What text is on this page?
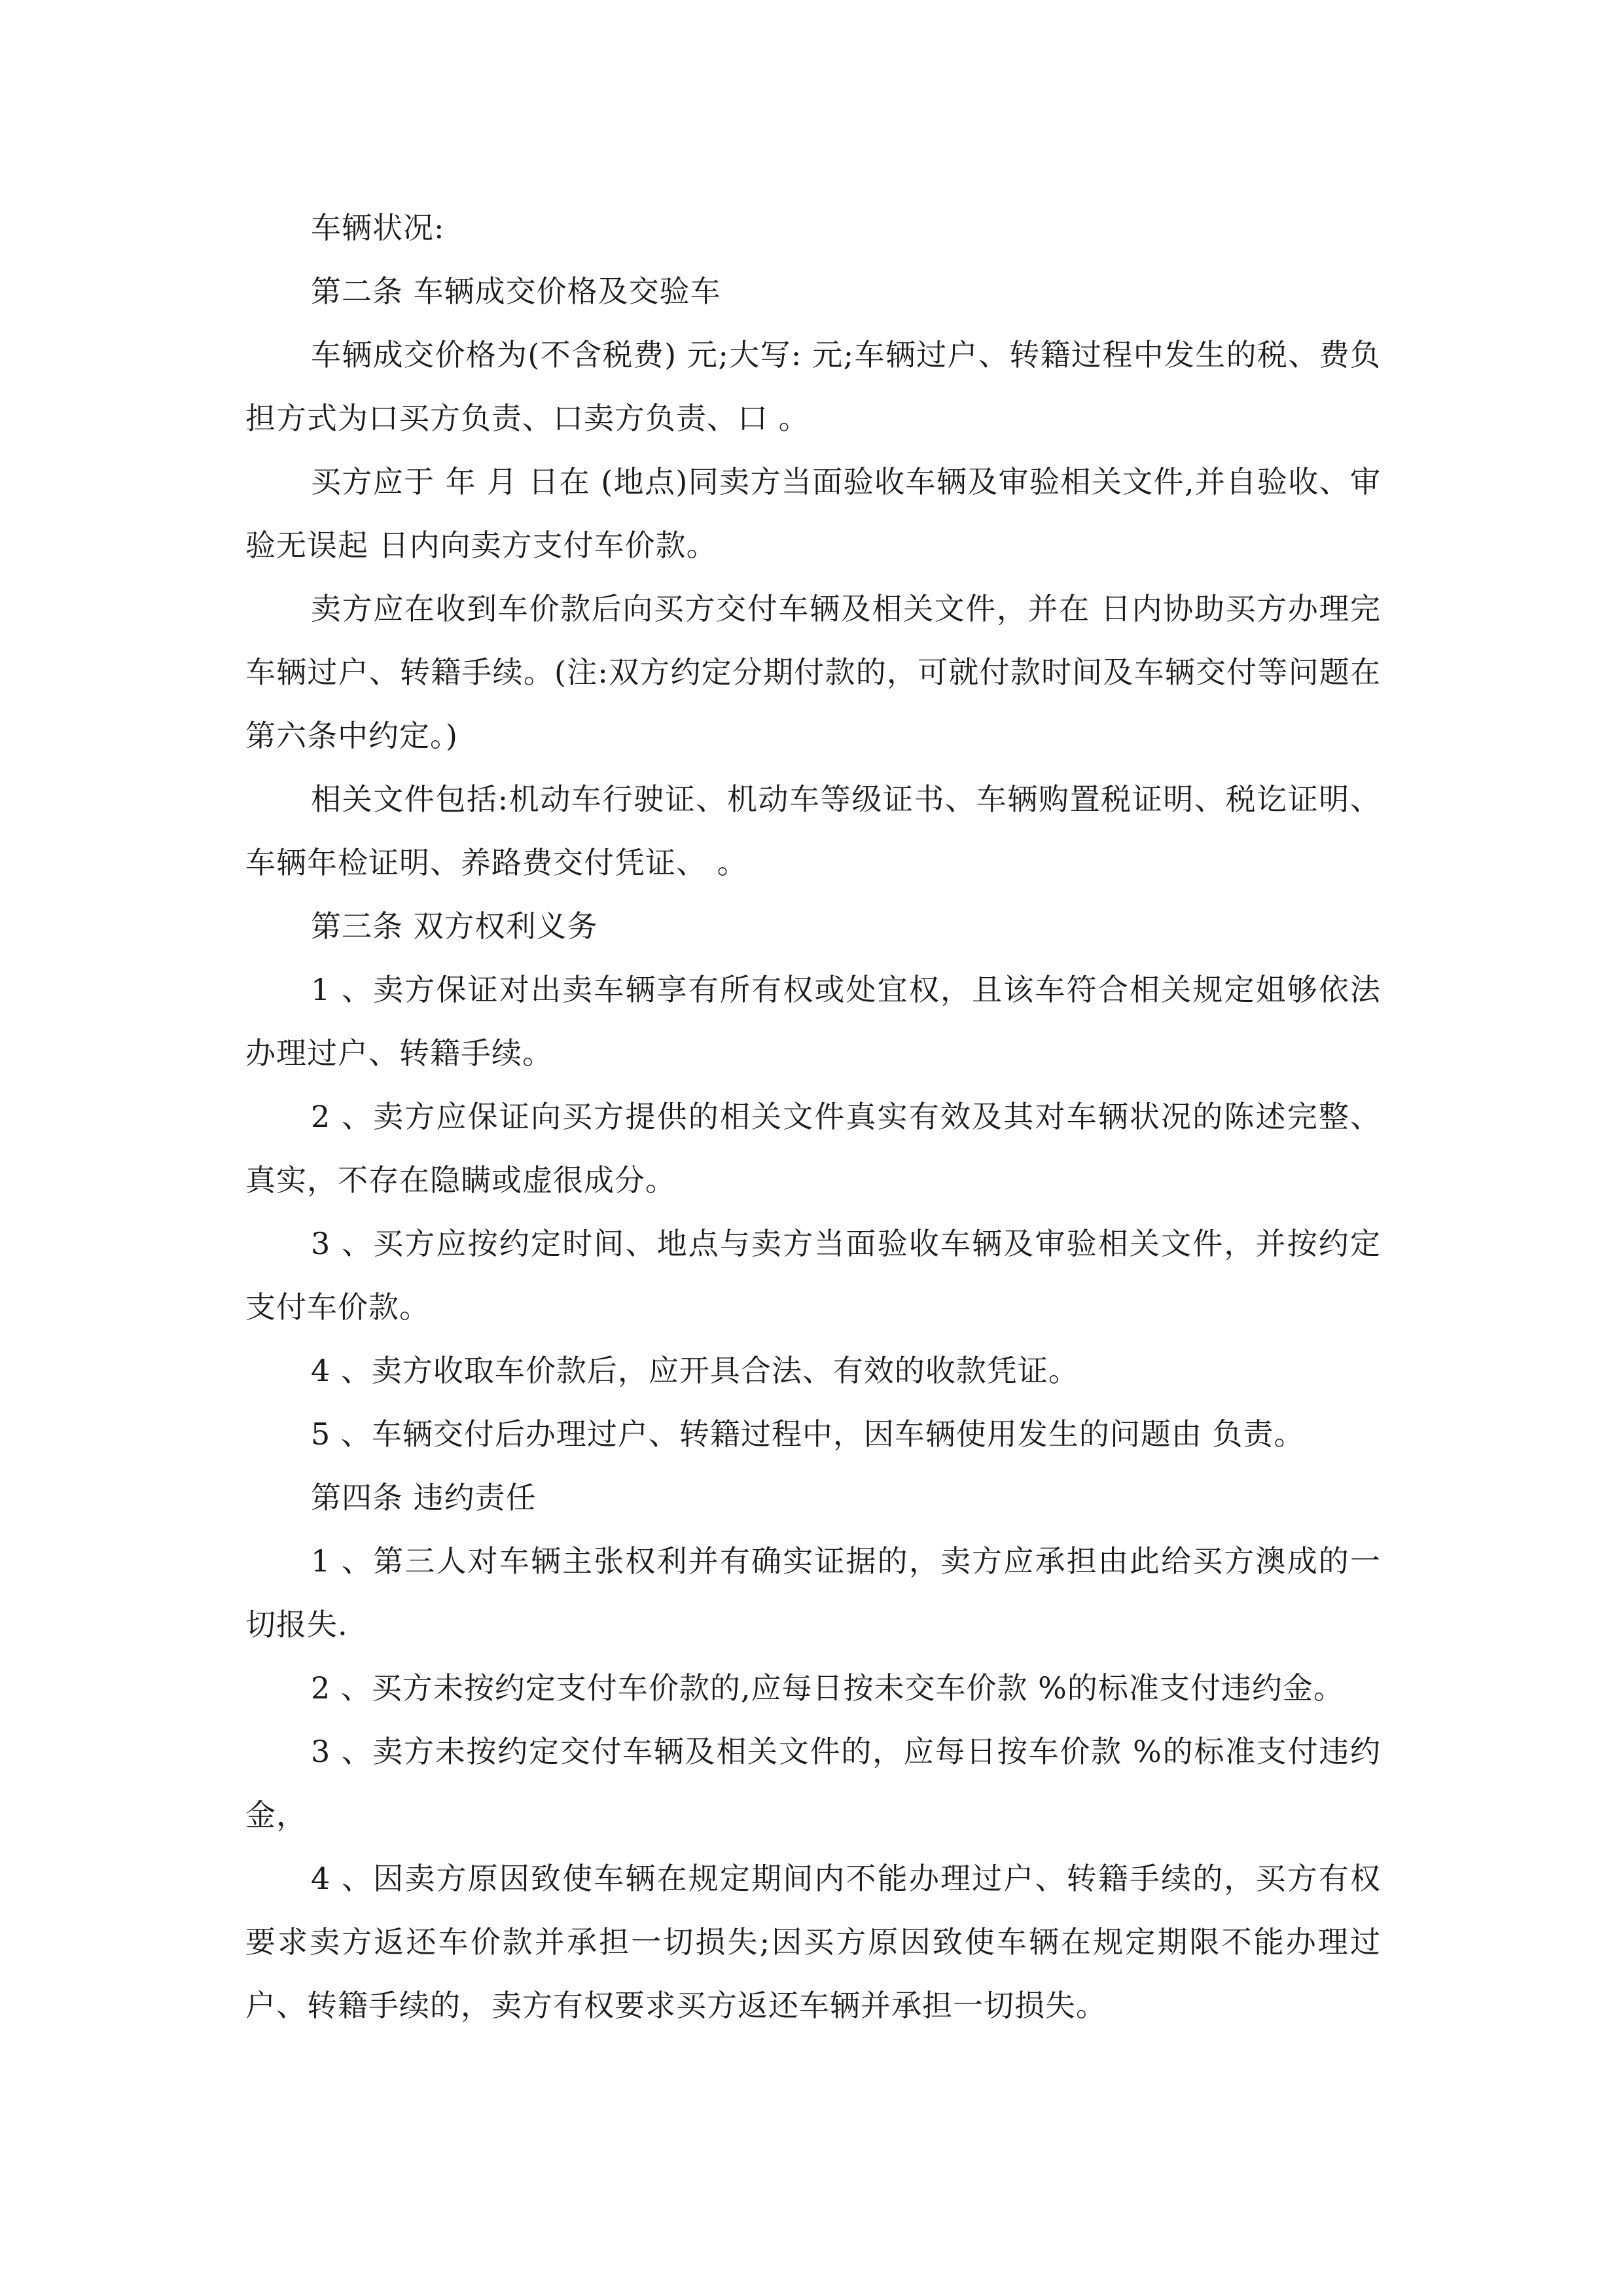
车辆状况:

第二条 车辆成交价格及交验车

车辆成交价格为(不含税费) 元;大写: 元;车辆过户、转籍过程中发生的税、费负担方式为口买方负责、口卖方负责、口 。

买方应于 年 月 日在 (地点)同卖方当面验收车辆及审验相关文件,并自验收、审验无误起 日内向卖方支付车价款。

卖方应在收到车价款后向买方交付车辆及相关文件，并在 日内协助买方办理完车辆过户、转籍手续。(注:双方约定分期付款的，可就付款时间及车辆交付等问题在第六条中约定。)

相关文件包括:机动车行驶证、机动车等级证书、车辆购置税证明、税讫证明、车辆年检证明、养路费交付凭证、 。

第三条 双方权利义务

1 、卖方保证对出卖车辆享有所有权或处宜权，且该车符合相关规定姐够依法办理过户、转籍手续。

2 、卖方应保证向买方提供的相关文件真实有效及其对车辆状况的陈述完整、真实，不存在隐瞒或虚很成分。

3 、买方应按约定时间、地点与卖方当面验收车辆及审验相关文件，并按约定支付车价款。

4 、卖方收取车价款后，应开具合法、有效的收款凭证。

5 、车辆交付后办理过户、转籍过程中，因车辆使用发生的问题由 负责。

第四条 违约责任

1 、第三人对车辆主张权利并有确实证据的，卖方应承担由此给买方澳成的一切报失.

2 、买方未按约定支付车价款的,应每日按未交车价款 %的标准支付违约金。

3 、卖方未按约定交付车辆及相关文件的，应每日按车价款 %的标准支付违约金，

4 、因卖方原因致使车辆在规定期间内不能办理过户、转籍手续的，买方有权要求卖方返还车价款并承担一切损失;因买方原因致使车辆在规定期限不能办理过户、转籍手续的，卖方有权要求买方返还车辆并承担一切损失。
